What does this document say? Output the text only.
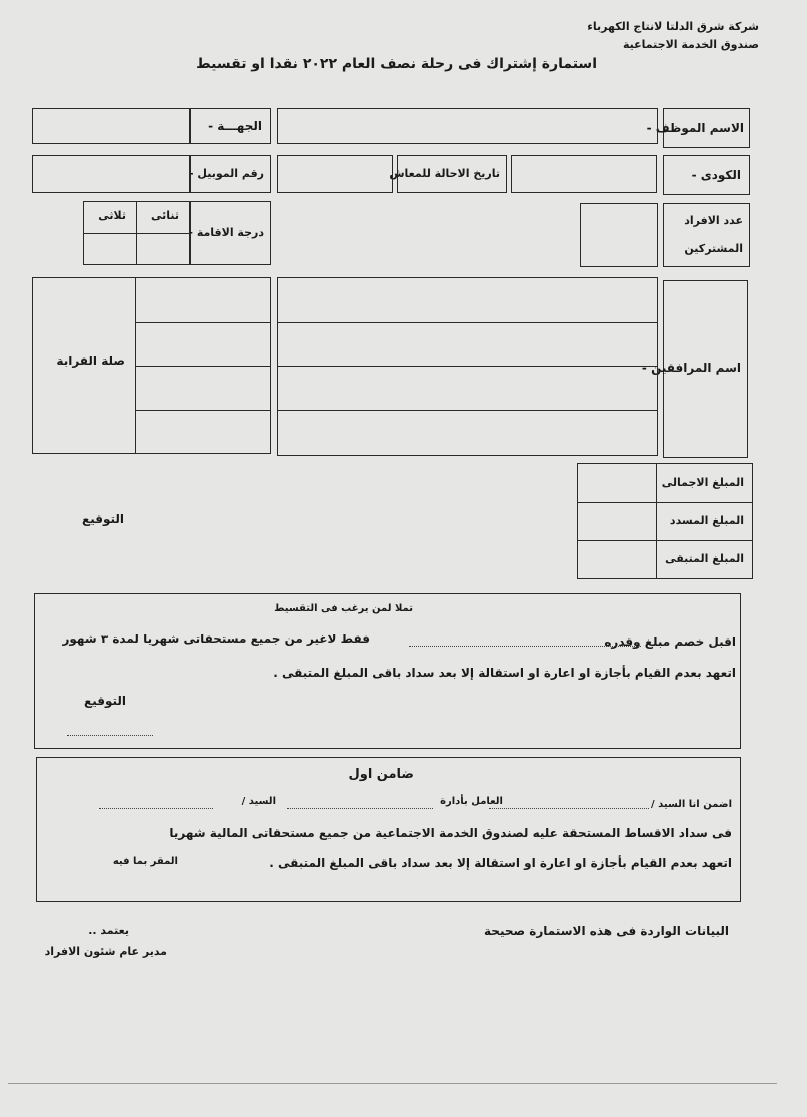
شركة شرق الدلتا لانتاج الكهرباء
صندوق الخدمة الاجتماعية
استمارة إشتراك فى رحلة نصف العام ٢٠٢٢ نقدا او تقسيط
الاسم الموظف -
الجهـــة -
الكودى -
تاريخ الاحالة للمعاش
رقم الموبيل -
عدد الافراد
المشتركين
درجة الاقامة -
ثنائى
ثلاثى
اسم المرافقين -
صلة القرابة
المبلغ الاجمالى
المبلغ المسدد
المبلغ المتبقى
التوقيع
تملا لمن يرغب فى التقسيط
اقبل خصم مبلغ وقدره
فقط لاغير من جميع مستحقاتى شهريا لمدة ٣ شهور
اتعهد بعدم القيام بأجازة او اعارة او استقالة إلا بعد سداد باقى المبلغ المتبقى .
التوقيع
ضامن اول
اضمن انا السيد /
العامل بأدارة
السيد /
فى سداد الاقساط المستحقة عليه لصندوق الخدمة الاجتماعية من جميع مستحقاتى المالية شهريا
اتعهد بعدم القيام بأجازة او اعارة او استقالة إلا بعد سداد باقى المبلغ المتبقى .
المقر بما فيه
البيانات الواردة فى هذه الاستمارة صحيحة
يعتمد ..
مدير عام شئون الافراد
